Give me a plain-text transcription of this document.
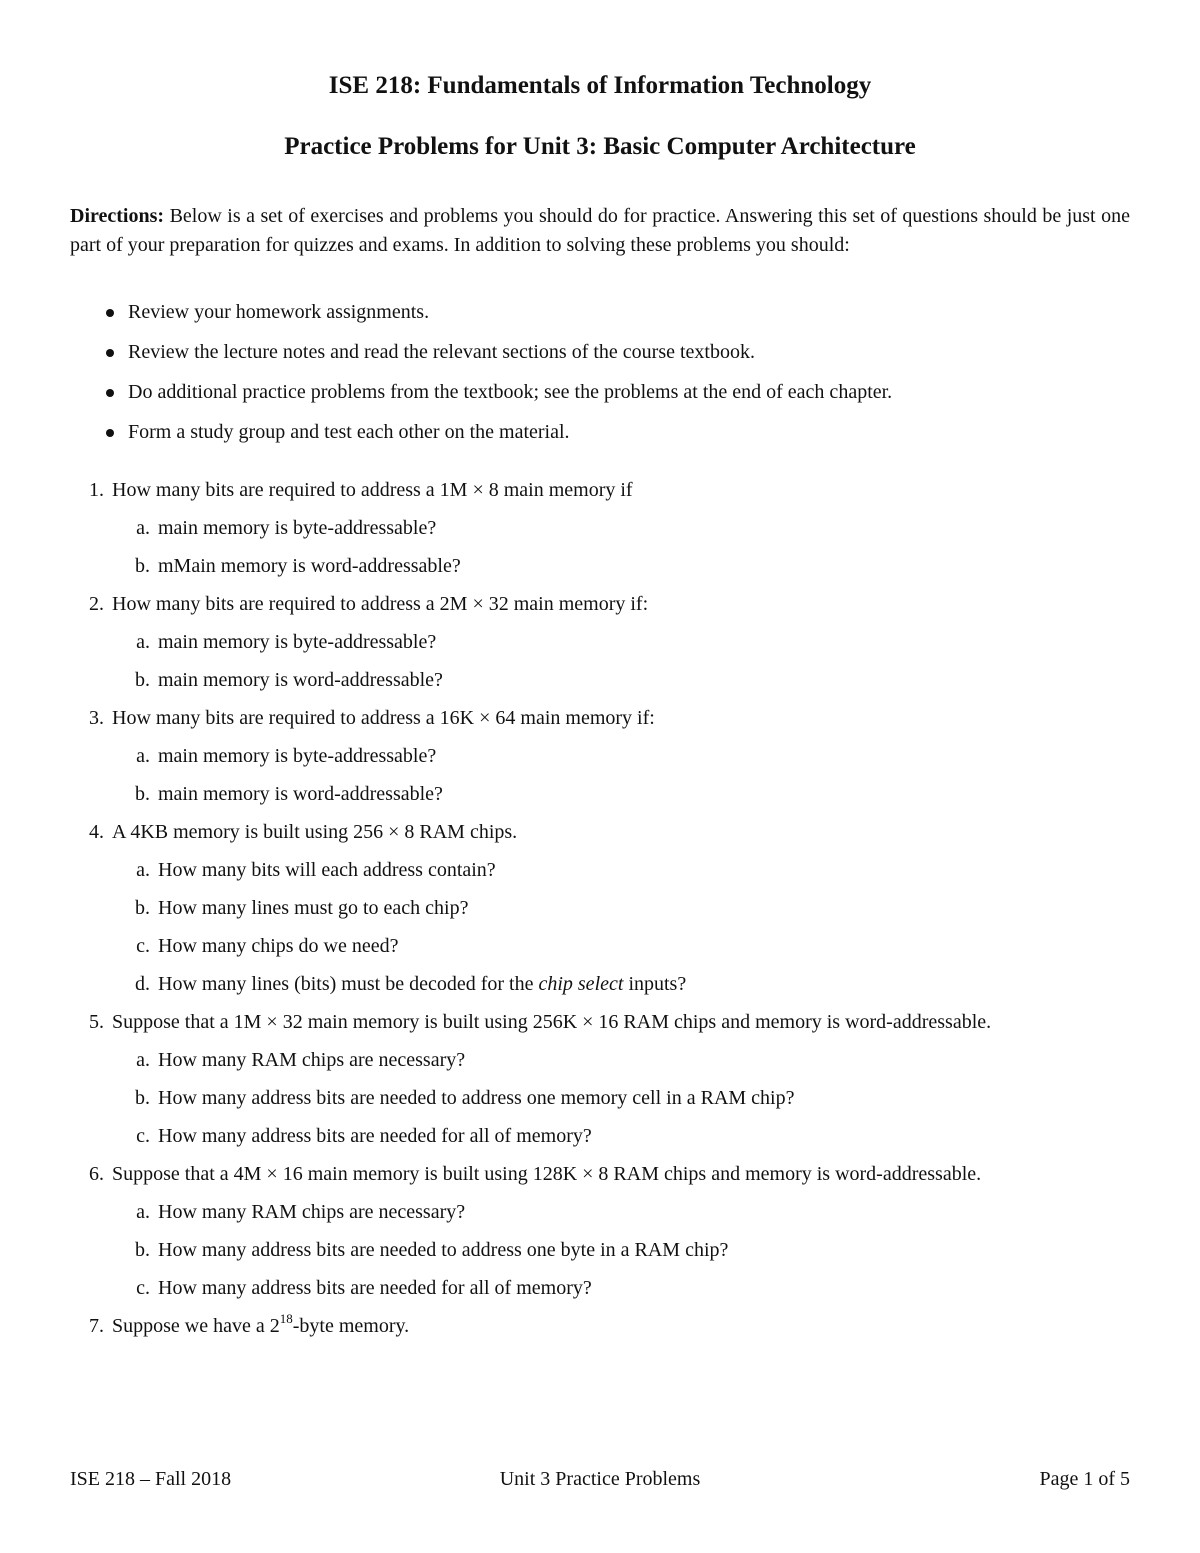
ISE 218: Fundamentals of Information Technology
Practice Problems for Unit 3: Basic Computer Architecture

Directions: Below is a set of exercises and problems you should do for practice. Answering this set of questions should be just one part of your preparation for quizzes and exams. In addition to solving these problems you should:

Review your homework assignments.
Review the lecture notes and read the relevant sections of the course textbook.
Do additional practice problems from the textbook; see the problems at the end of each chapter.
Form a study group and test each other on the material.
1. How many bits are required to address a 1M × 8 main memory if
a. main memory is byte-addressable?
b. mMain memory is word-addressable?
2. How many bits are required to address a 2M × 32 main memory if:
a. main memory is byte-addressable?
b. main memory is word-addressable?
3. How many bits are required to address a 16K × 64 main memory if:
a. main memory is byte-addressable?
b. main memory is word-addressable?
4. A 4KB memory is built using 256 × 8 RAM chips.
a. How many bits will each address contain?
b. How many lines must go to each chip?
c. How many chips do we need?
d. How many lines (bits) must be decoded for the chip select inputs?
5. Suppose that a 1M × 32 main memory is built using 256K × 16 RAM chips and memory is word-addressable.
a. How many RAM chips are necessary?
b. How many address bits are needed to address one memory cell in a RAM chip?
c. How many address bits are needed for all of memory?
6. Suppose that a 4M × 16 main memory is built using 128K × 8 RAM chips and memory is word-addressable.
a. How many RAM chips are necessary?
b. How many address bits are needed to address one byte in a RAM chip?
c. How many address bits are needed for all of memory?
7. Suppose we have a $2^{18}$-byte memory.

ISE 218 – Fall 2018	Unit 3 Practice Problems	Page 1 of 5
